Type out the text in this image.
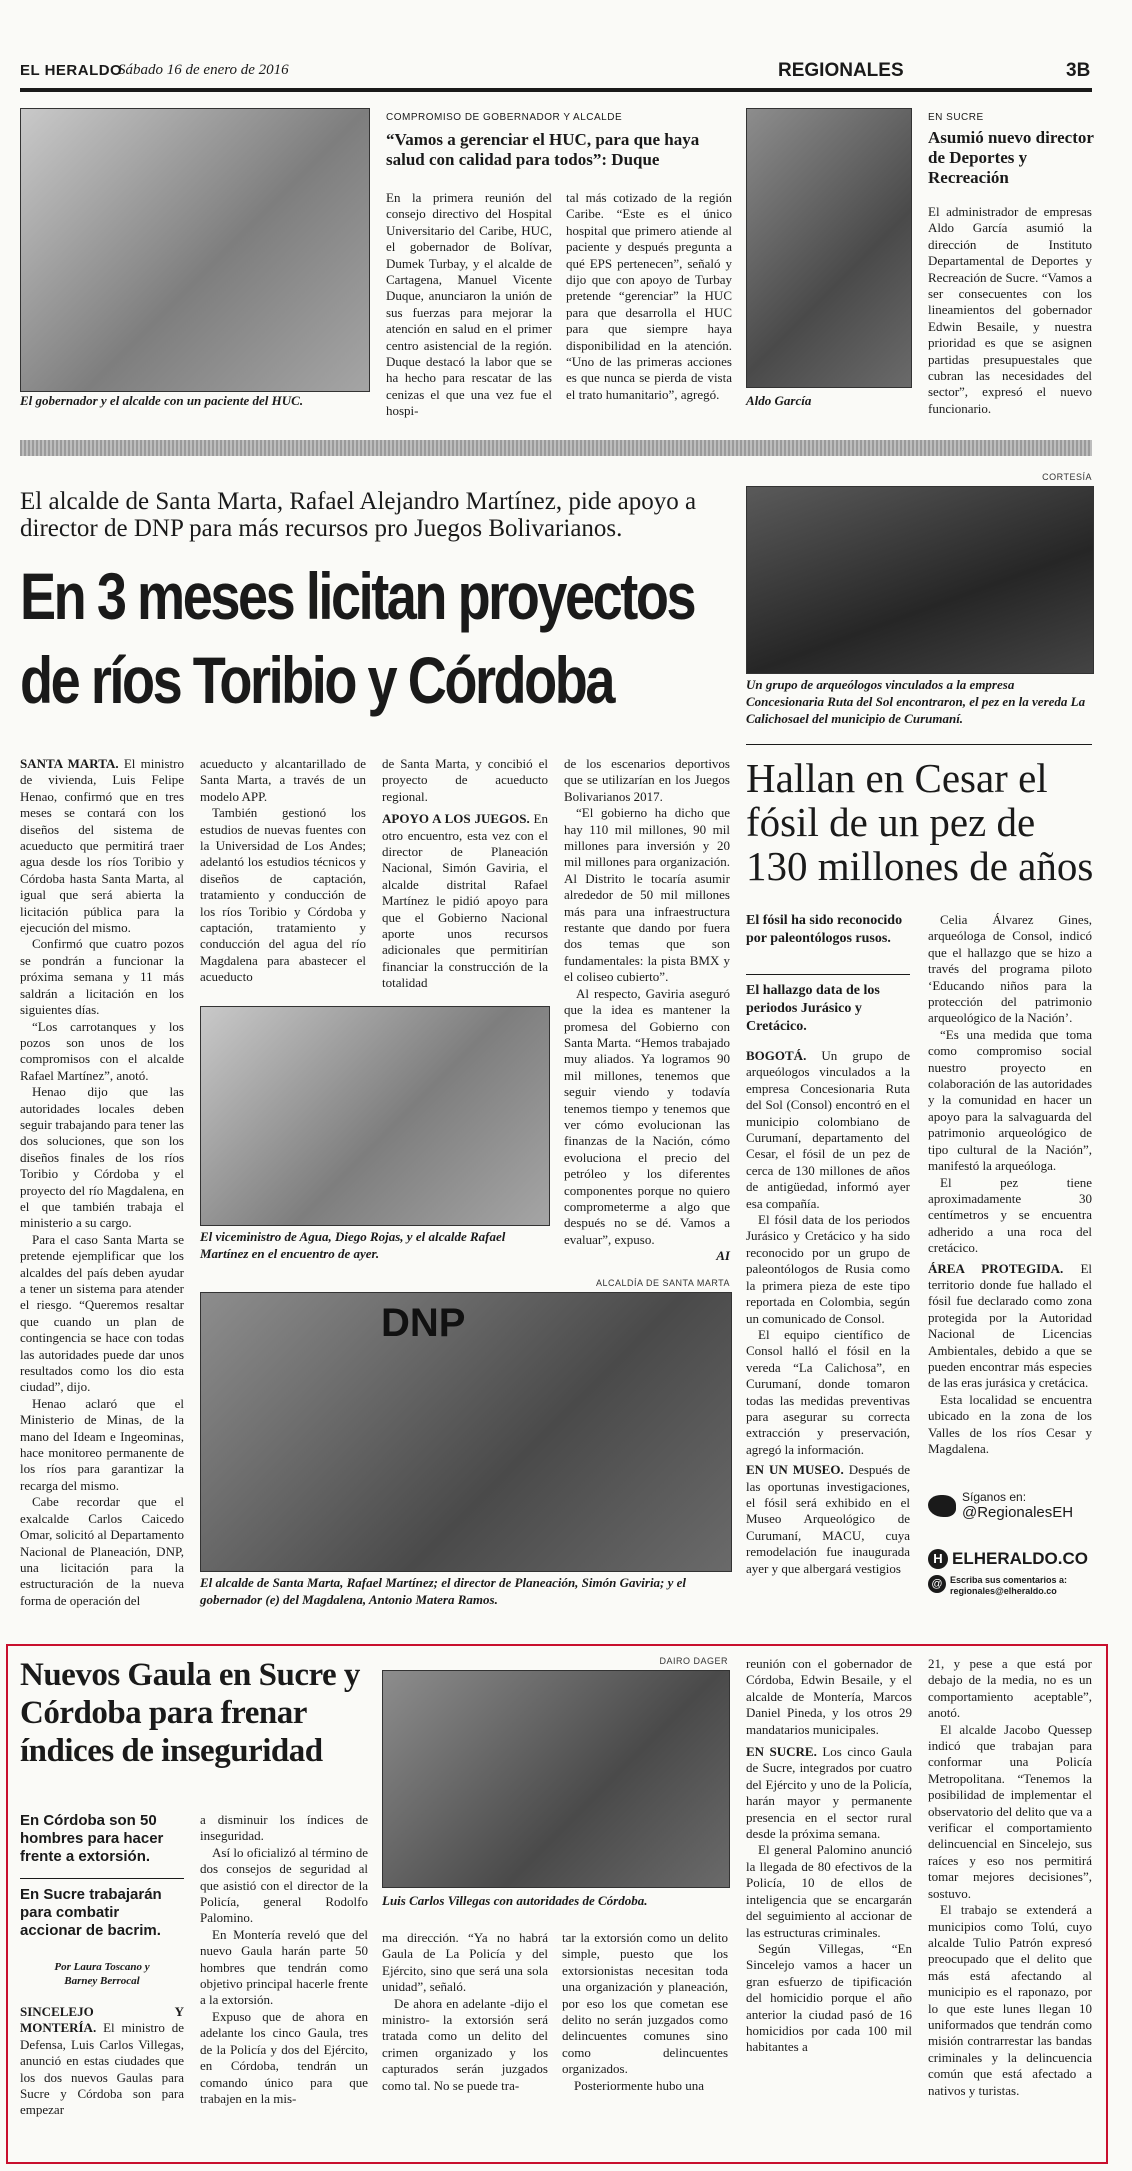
EL HERALDO
Sábado 16 de enero de 2016	REGIONALES	3B
El gobernador y el alcalde con un paciente del HUC.
COMPROMISO DE GOBERNADOR Y ALCALDE
“Vamos a gerenciar el HUC, para que haya salud con calidad para todos”: Duque

En la primera reunión del consejo directivo del Hospital Universitario del Caribe, HUC, el gobernador de Bolívar, Dumek Turbay, y el alcalde de Cartagena, Manuel Vicente Duque, anunciaron la unión de sus fuerzas para mejorar la atención en salud en el primer centro asistencial de la región. Duque destacó la labor que se ha hecho para rescatar de las cenizas el que una vez fue el hospi-

tal más cotizado de la región Caribe. “Este es el único hospital que primero atiende al paciente y después pregunta a qué EPS pertenecen”, señaló y dijo que con apoyo de Turbay pretende “gerenciar” la HUC para que desarrolla el HUC para que siempre haya disponibilidad en la atención. “Uno de las primeras acciones es que nunca se pierda de vista el trato humanitario”, agregó.	Aldo García
EN SUCRE
Asumió nuevo director de Deportes y Recreación

El administrador de empresas Aldo García asumió la dirección de Instituto Departamental de Deportes y Recreación de Sucre. “Vamos a ser consecuentes con los lineamientos del gobernador Edwin Besaile, y nuestra prioridad es que se asignen partidas presupuestales que cubran las necesidades del sector”, expresó el nuevo funcionario.

El alcalde de Santa Marta, Rafael Alejandro Martínez, pide apoyo a director de DNP para más recursos pro Juegos Bolivarianos.
En 3 meses licitan proyectos
de ríos Toribio y Córdoba

SANTA MARTA. El ministro de vivienda, Luis Felipe Henao, confirmó que en tres meses se contará con los diseños del sistema de acueducto que permitirá traer agua desde los ríos Toribio y Córdoba hasta Santa Marta, al igual que será abierta la licitación pública para la ejecución del mismo.

Confirmó que cuatro pozos se pondrán a funcionar la próxima semana y 11 más saldrán a licitación en los siguientes días.

“Los carrotanques y los pozos son unos de los compromisos con el alcalde Rafael Martínez”, anotó.

Henao dijo que las autoridades locales deben seguir trabajando para tener las dos soluciones, que son los diseños finales de los ríos Toribio y Córdoba y el proyecto del río Magdalena, en el que también trabaja el ministerio a su cargo.

Para el caso Santa Marta se pretende ejemplificar que los alcaldes del país deben ayudar a tener un sistema para atender el riesgo. “Queremos resaltar que cuando un plan de contingencia se hace con todas las autoridades puede dar unos resultados como los dio esta ciudad”, dijo.

Henao aclaró que el Ministerio de Minas, de la mano del Ideam e Ingeominas, hace monitoreo permanente de los ríos para garantizar la recarga del mismo.

Cabe recordar que el exalcalde Carlos Caicedo Omar, solicitó al Departamento Nacional de Planeación, DNP, una licitación para la estructuración de la nueva forma de operación del

acueducto y alcantarillado de Santa Marta, a través de un modelo APP.

También gestionó los estudios de nuevas fuentes con la Universidad de Los Andes; adelantó los estudios técnicos y diseños de captación, tratamiento y conducción de los ríos Toribio y Córdoba y captación, tratamiento y conducción del agua del río Magdalena para abastecer el acueducto

de Santa Marta, y concibió el proyecto de acueducto regional.

APOYO A LOS JUEGOS. En otro encuentro, esta vez con el director de Planeación Nacional, Simón Gaviria, el alcalde distrital Rafael Martínez le pidió apoyo para que el Gobierno Nacional aporte unos recursos adicionales que permitirían financiar la construcción de la totalidad

de los escenarios deportivos que se utilizarían en los Juegos Bolivarianos 2017.

“El gobierno ha dicho que hay 110 mil millones, 90 mil millones para inversión y 20 mil millones para organización. Al Distrito le tocaría asumir alrededor de 50 mil millones más para una infraestructura restante que dando por fuera dos temas que son fundamentales: la pista BMX y el coliseo cubierto”.

Al respecto, Gaviria aseguró que la idea es mantener la promesa del Gobierno con Santa Marta. “Hemos trabajado muy aliados. Ya logramos 90 mil millones, tenemos que seguir viendo y todavía tenemos tiempo y tenemos que ver cómo evolucionan las finanzas de la Nación, cómo evoluciona el precio del petróleo y los diferentes componentes porque no quiero comprometerme a algo que después no se dé. Vamos a evaluar”, expuso.

AI

El viceministro de Agua, Diego Rojas, y el alcalde Rafael Martínez en el encuentro de ayer.
ALCALDÍA DE SANTA MARTA
DNP
El alcalde de Santa Marta, Rafael Martínez; el director de Planeación, Simón Gaviria; y el gobernador (e) del Magdalena, Antonio Matera Ramos.
CORTESÍA
Un grupo de arqueólogos vinculados a la empresa Concesionaria Ruta del Sol encontraron, el pez en la vereda La Calichosael del municipio de Curumaní.
Hallan en Cesar el fósil de un pez de 130 millones de años
El fósil ha sido reconocido por paleontólogos rusos.
El hallazgo data de los periodos Jurásico y Cretácico.

BOGOTÁ. Un grupo de arqueólogos vinculados a la empresa Concesionaria Ruta del Sol (Consol) encontró en el municipio colombiano de Curumaní, departamento del Cesar, el fósil de un pez de cerca de 130 millones de años de antigüedad, informó ayer esa compañía.

El fósil data de los periodos Jurásico y Cretácico y ha sido reconocido por un grupo de paleontólogos de Rusia como la primera pieza de este tipo reportada en Colombia, según un comunicado de Consol.

El equipo científico de Consol halló el fósil en la vereda “La Calichosa”, en Curumaní, donde tomaron todas las medidas preventivas para asegurar su correcta extracción y preservación, agregó la información.

EN UN MUSEO. Después de las oportunas investigaciones, el fósil será exhibido en el Museo Arqueológico de Curumaní, MACU, cuya remodelación fue inaugurada ayer y que albergará vestigios

Celia Álvarez Gines, arqueóloga de Consol, indicó que el hallazgo que se hizo a través del programa piloto ‘Educando niños para la protección del patrimonio arqueológico de la Nación’.

“Es una medida que toma como compromiso social nuestro proyecto en colaboración de las autoridades y la comunidad en hacer un apoyo para la salvaguarda del patrimonio arqueológico de tipo cultural de la Nación”, manifestó la arqueóloga.

El pez tiene aproximadamente 30 centímetros y se encuentra adherido a una roca del cretácico.

ÁREA PROTEGIDA. El territorio donde fue hallado el fósil fue declarado como zona protegida por la Autoridad Nacional de Licencias Ambientales, debido a que se pueden encontrar más especies de las eras jurásica y cretácica.

Esta localidad se encuentra ubicado en la zona de los Valles de los ríos Cesar y Magdalena.

Síganos en:
@RegionalesEH
H ELHERALDO.CO
@ Escriba sus comentarios a:
regionales@elheraldo.co
Nuevos Gaula en Sucre y Córdoba para frenar índices de inseguridad
En Córdoba son 50 hombres para hacer frente a extorsión.
En Sucre trabajarán para combatir accionar de bacrim.
Por Laura Toscano y
Barney Berrocal

SINCELEJO Y MONTERÍA. El ministro de Defensa, Luis Carlos Villegas, anunció en estas ciudades que los dos nuevos Gaulas para Sucre y Córdoba son para empezar

a disminuir los índices de inseguridad.

Así lo oficializó al término de dos consejos de seguridad al que asistió con el director de la Policía, general Rodolfo Palomino.

En Montería reveló que del nuevo Gaula harán parte 50 hombres que tendrán como objetivo principal hacerle frente a la extorsión.

Expuso que de ahora en adelante los cinco Gaula, tres de la Policía y dos del Ejército, en Córdoba, tendrán un comando único para que trabajen en la mis-

DAIRO DAGER
Luis Carlos Villegas con autoridades de Córdoba.

ma dirección. “Ya no habrá Gaula de La Policía y del Ejército, sino que será una sola unidad”, señaló.

De ahora en adelante -dijo el ministro- la extorsión será tratada como un delito del crimen organizado y los capturados serán juzgados como tal. No se puede tra-

tar la extorsión como un delito simple, puesto que los extorsionistas necesitan toda una organización y planeación, por eso los que cometan ese delito no serán juzgados como delincuentes comunes sino como delincuentes organizados.

Posteriormente hubo una

reunión con el gobernador de Córdoba, Edwin Besaile, y el alcalde de Montería, Marcos Daniel Pineda, y los otros 29 mandatarios municipales.

EN SUCRE. Los cinco Gaula de Sucre, integrados por cuatro del Ejército y uno de la Policía, harán mayor y permanente presencia en el sector rural desde la próxima semana.

El general Palomino anunció la llegada de 80 efectivos de la Policía, 10 de ellos de inteligencia que se encargarán del seguimiento al accionar de las estructuras criminales.

Según Villegas, “En Sincelejo vamos a hacer un gran esfuerzo de tipificación del homicidio porque el año anterior la ciudad pasó de 16 homicidios por cada 100 mil habitantes a

21, y pese a que está por debajo de la media, no es un comportamiento aceptable”, anotó.

El alcalde Jacobo Quessep indicó que trabajan para conformar una Policía Metropolitana. “Tenemos la posibilidad de implementar el observatorio del delito que va a verificar el comportamiento delincuencial en Sincelejo, sus raíces y eso nos permitirá tomar mejores decisiones”, sostuvo.

El trabajo se extenderá a municipios como Tolú, cuyo alcalde Tulio Patrón expresó preocupado que el delito que más está afectando al municipio es el raponazo, por lo que este lunes llegan 10 uniformados que tendrán como misión contrarrestar las bandas criminales y la delincuencia común que está afectado a nativos y turistas.
